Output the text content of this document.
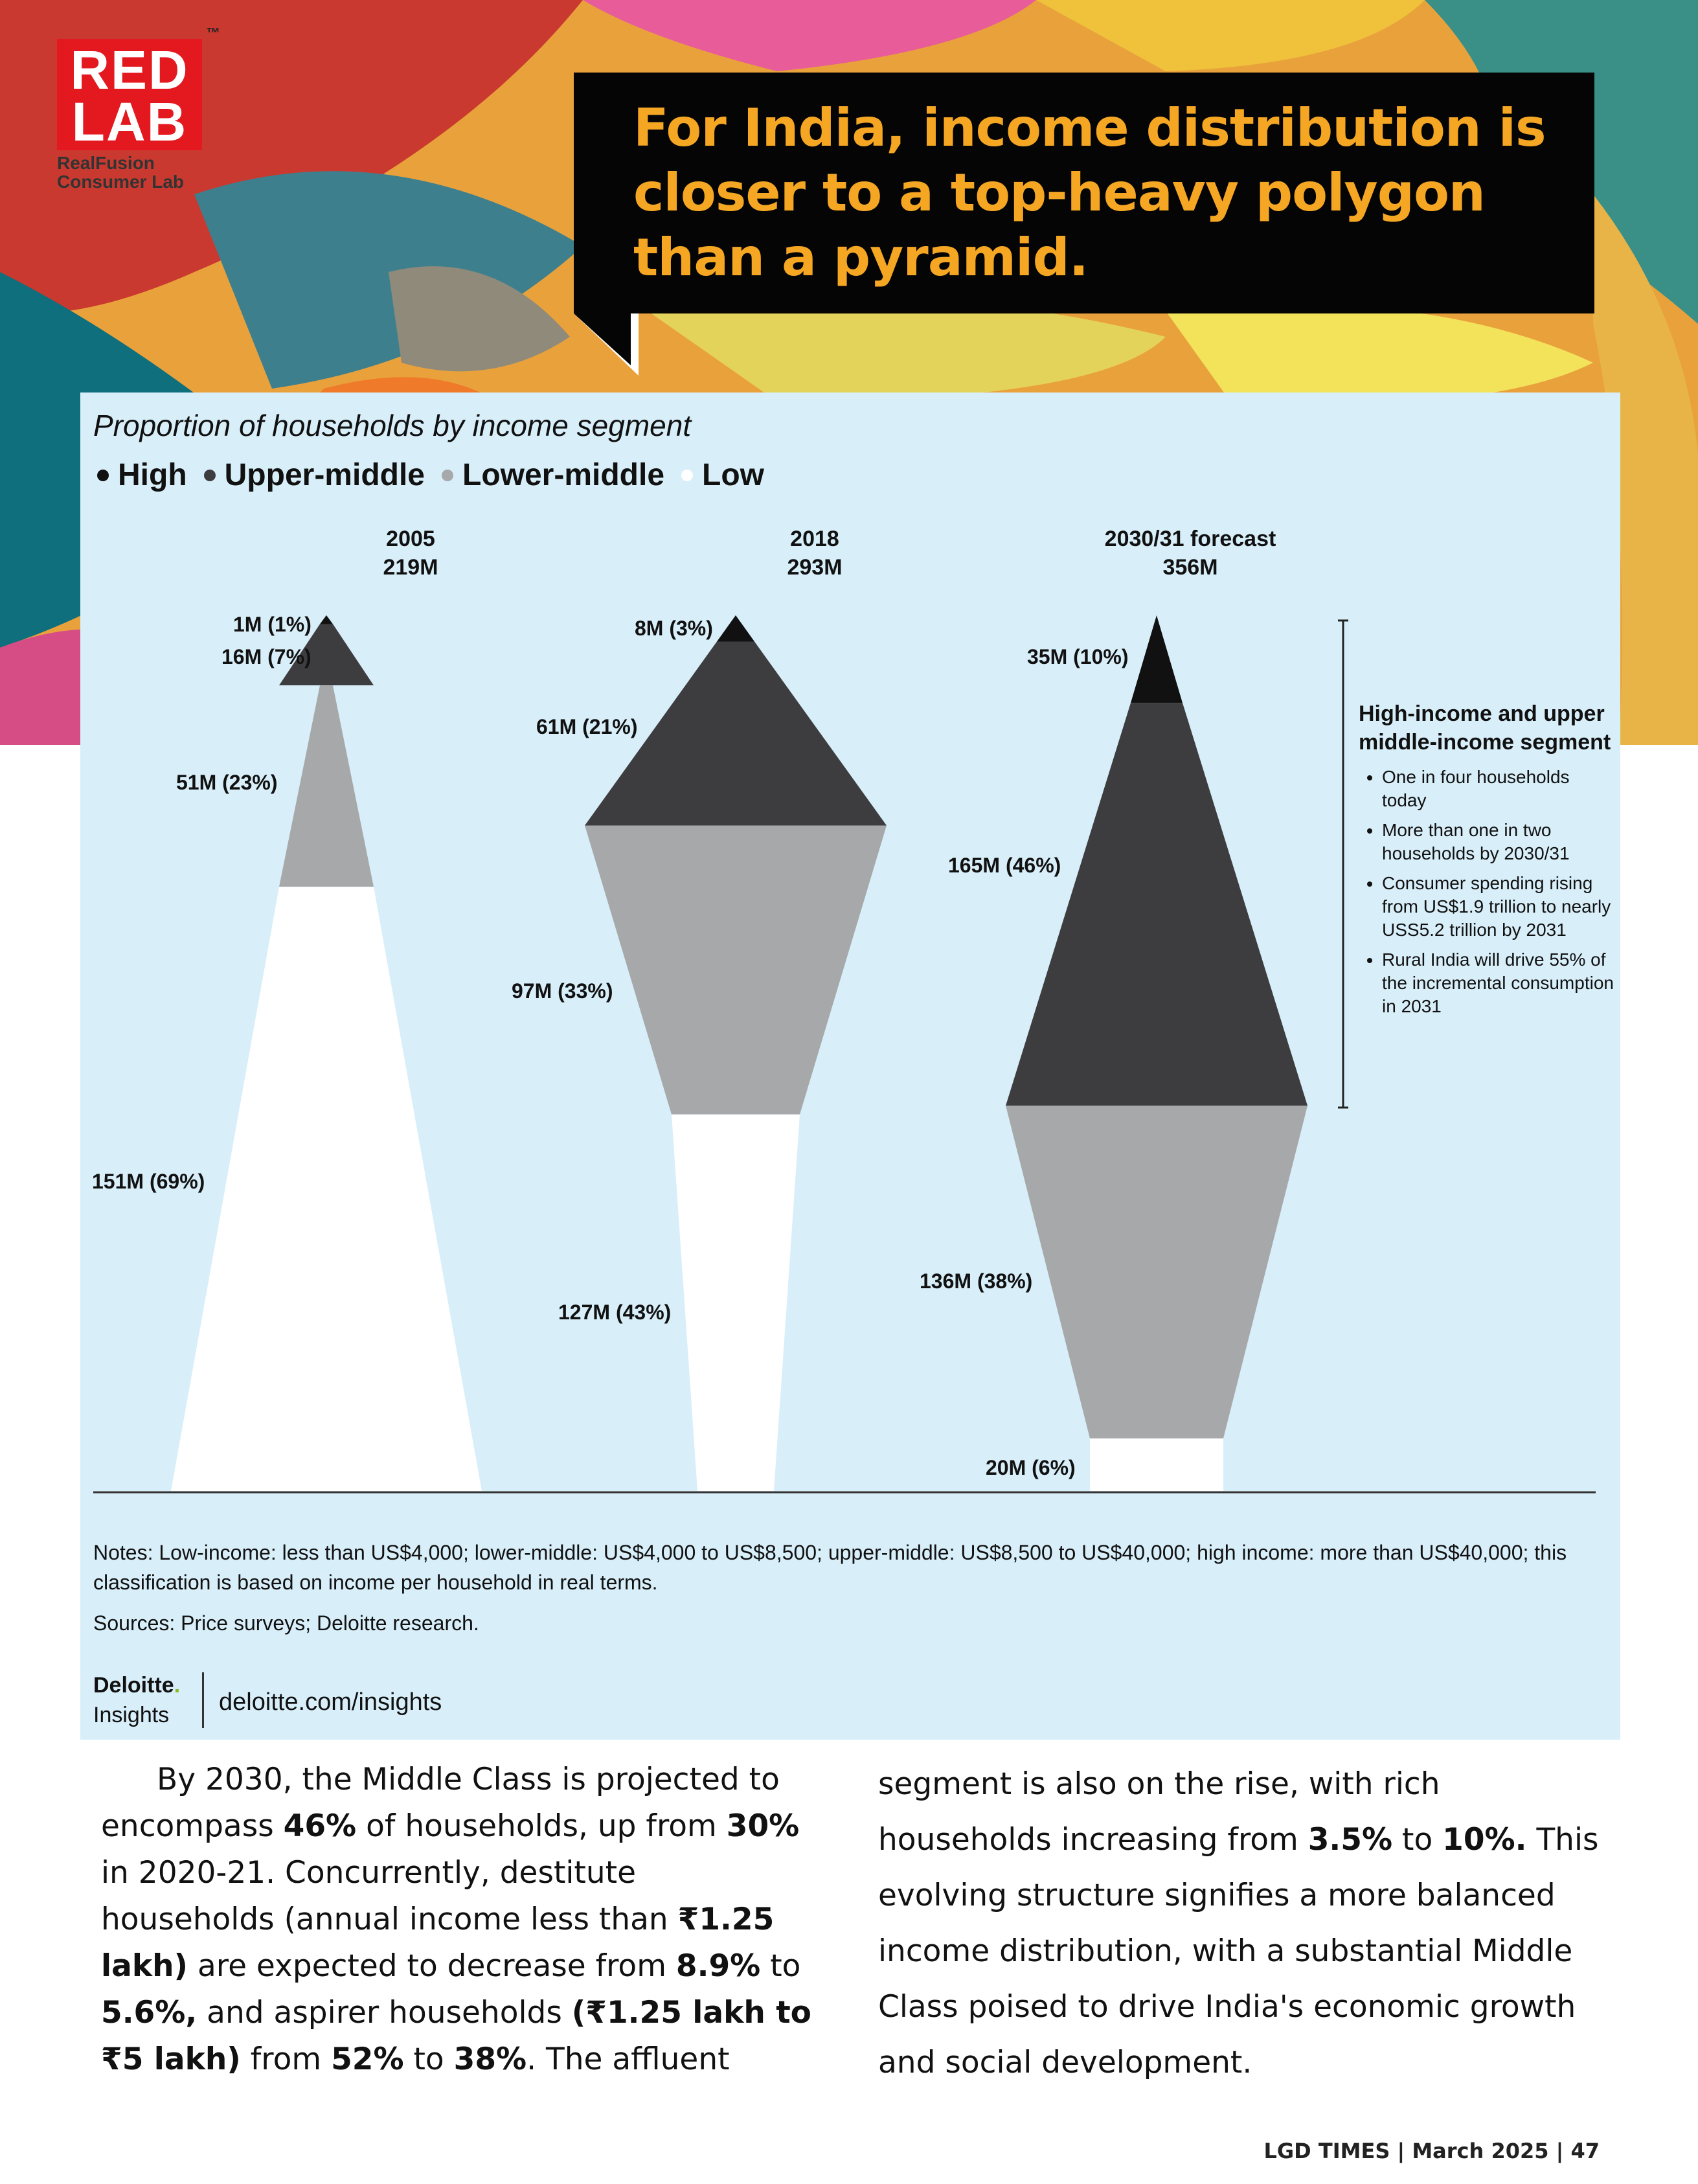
RED
LAB
™
RealFusion
Consumer Lab
For India, income distribution is closer to a top-heavy polygon than a pyramid.
Proportion of households by income segment
High Upper-middle Lower-middle Low
2005
219M
2018
293M
2030/31 forecast
356M
1M (1%)
16M (7%)
51M (23%)
151M (69%)
8M (3%)
61M (21%)
97M (33%)
127M (43%)
35M (10%)
165M (46%)
136M (38%)
20M (6%)

High-income and upper middle-income segment

• One in four households today
• More than one in two households by 2030/31
• Consumer spending rising from US$1.9 trillion to nearly USS5.2 trillion by 2031
• Rural India will drive 55% of the incremental consumption in 2031

Notes: Low-income: less than US$4,000; lower-middle: US$4,000 to US$8,500; upper-middle: US$8,500 to US$40,000; high income: more than US$40,000; this classification is based on income per household in real terms.

Sources: Price surveys; Deloitte research.

Deloitte.
Insights deloitte.com/insights

By 2030, the Middle Class is projected to encompass 46% of households, up from 30% in 2020-21. Concurrently, destitute households (annual income less than ₹1.25 lakh) are expected to decrease from 8.9% to 5.6%, and aspirer households (₹1.25 lakh to ₹5 lakh) from 52% to 38%. The affluent

segment is also on the rise, with rich households increasing from 3.5% to 10%. This evolving structure signifies a more balanced income distribution, with a substantial Middle Class poised to drive India's economic growth and social development.

LGD TIMES | March 2025 | 47
